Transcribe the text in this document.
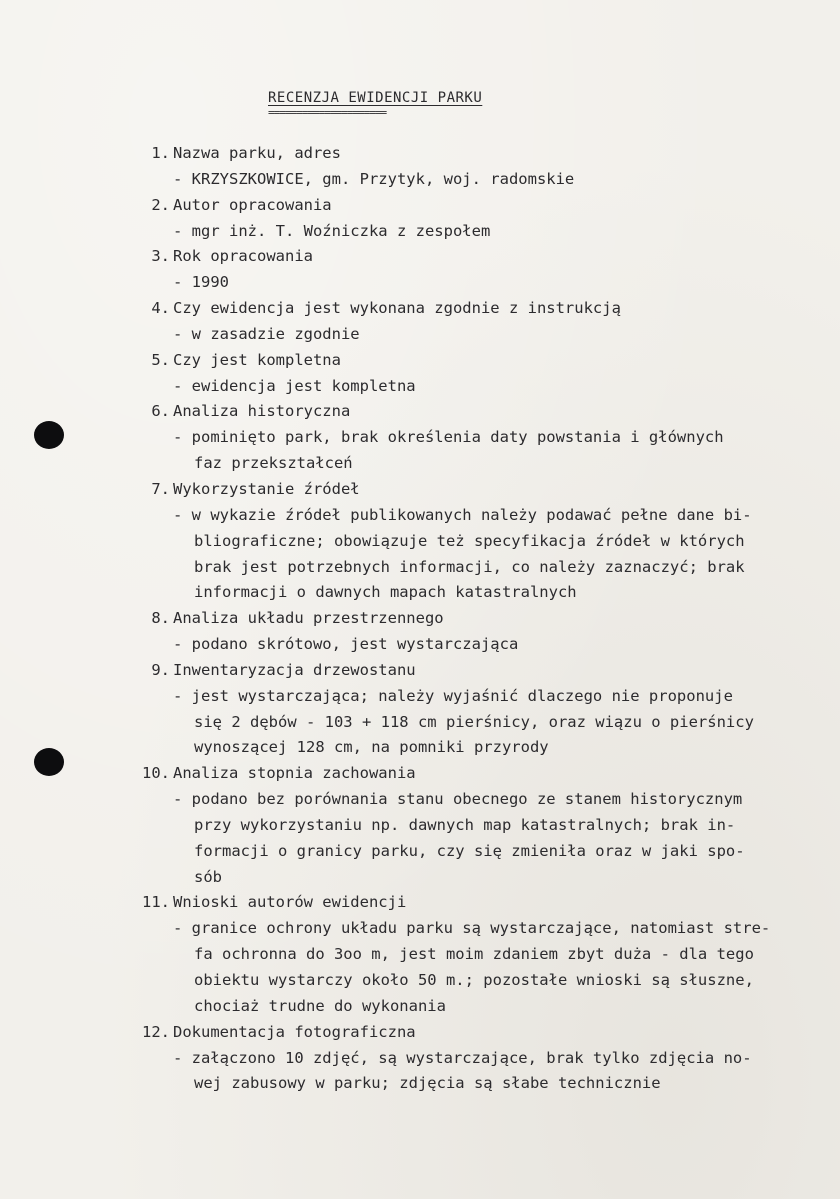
RECENZJA EWIDENCJI PARKU
=====================
1. Nazwa parku, adres
- KRZYSZKOWICE, gm. Przytyk, woj. radomskie
2. Autor opracowania
- mgr inż. T. Woźniczka z zespołem
3. Rok opracowania
- 1990
4. Czy ewidencja jest wykonana zgodnie z instrukcją
- w zasadzie zgodnie
5. Czy jest kompletna
- ewidencja jest kompletna
6. Analiza historyczna
- pominięto park, brak określenia daty powstania i głównych
faz przekształceń
7. Wykorzystanie źródeł
- w wykazie źródeł publikowanych należy podawać pełne dane bi-
bliograficzne; obowiązuje też specyfikacja źródeł w których
brak jest potrzebnych informacji, co należy zaznaczyć; brak
informacji o dawnych mapach katastralnych
8. Analiza układu przestrzennego
- podano skrótowo, jest wystarczająca
9. Inwentaryzacja drzewostanu
- jest wystarczająca; należy wyjaśnić dlaczego nie proponuje
się 2 dębów - 103 + 118 cm pierśnicy, oraz wiązu o pierśnicy
wynoszącej 128 cm, na pomniki przyrody
10. Analiza stopnia zachowania
- podano bez porównania stanu obecnego ze stanem historycznym
przy wykorzystaniu np. dawnych map katastralnych; brak in-
formacji o granicy parku, czy się zmieniła oraz w jaki spo-
sób
11. Wnioski autorów ewidencji
- granice ochrony układu parku są wystarczające, natomiast stre-
fa ochronna do 3oo m, jest moim zdaniem zbyt duża - dla tego
obiektu wystarczy około 50 m.; pozostałe wnioski są słuszne,
chociaż trudne do wykonania
12. Dokumentacja fotograficzna
- załączono 10 zdjęć, są wystarczające, brak tylko zdjęcia no-
wej zabusowy w parku; zdjęcia są słabe technicznie
